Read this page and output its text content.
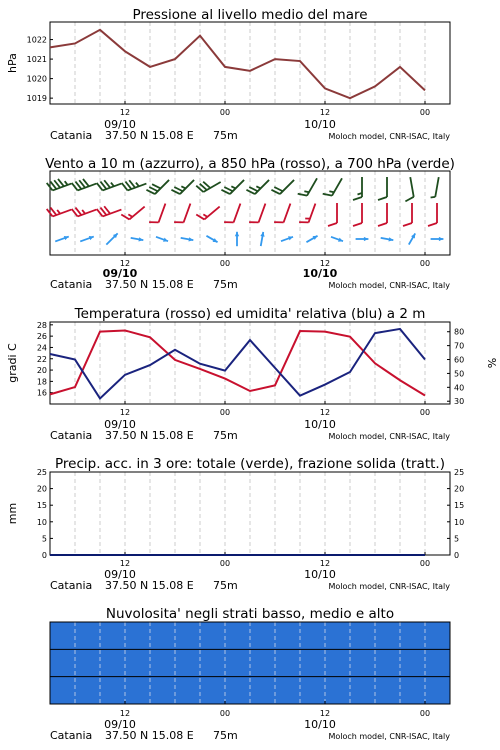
Pressione al livello medio del mare
12	00	12	00
09/10	10/10
Catania 37.50 N 15.08 E 75m	Moloch model, CNR-ISAC, Italy
1019
1020
1021
1022
hPa
Vento a 10 m (azzurro), a 850 hPa (rosso), a 700 hPa (verde)
12	00	12	00
09/10	10/10
Catania 37.50 N 15.08 E 75m	Moloch model, CNR-ISAC, Italy
Temperatura (rosso) ed umidita' relativa (blu) a 2 m
12	00	12	00
09/10	10/10
Catania 37.50 N 15.08 E 75m	Moloch model, CNR-ISAC, Italy
16
18
20
22
24
26
28
30
40
50
60
70
80
gradi C	%
Precip. acc. in 3 ore: totale (verde), frazione solida (tratt.)
12	00	12	00
09/10	10/10
Catania 37.50 N 15.08 E 75m	Moloch model, CNR-ISAC, Italy
0
5
10
15
20
25
0
5
10
15
20
25
mm
Nuvolosita' negli strati basso, medio e alto
12	00	12	00
09/10	10/10
Catania 37.50 N 15.08 E 75m	Moloch model, CNR-ISAC, Italy
